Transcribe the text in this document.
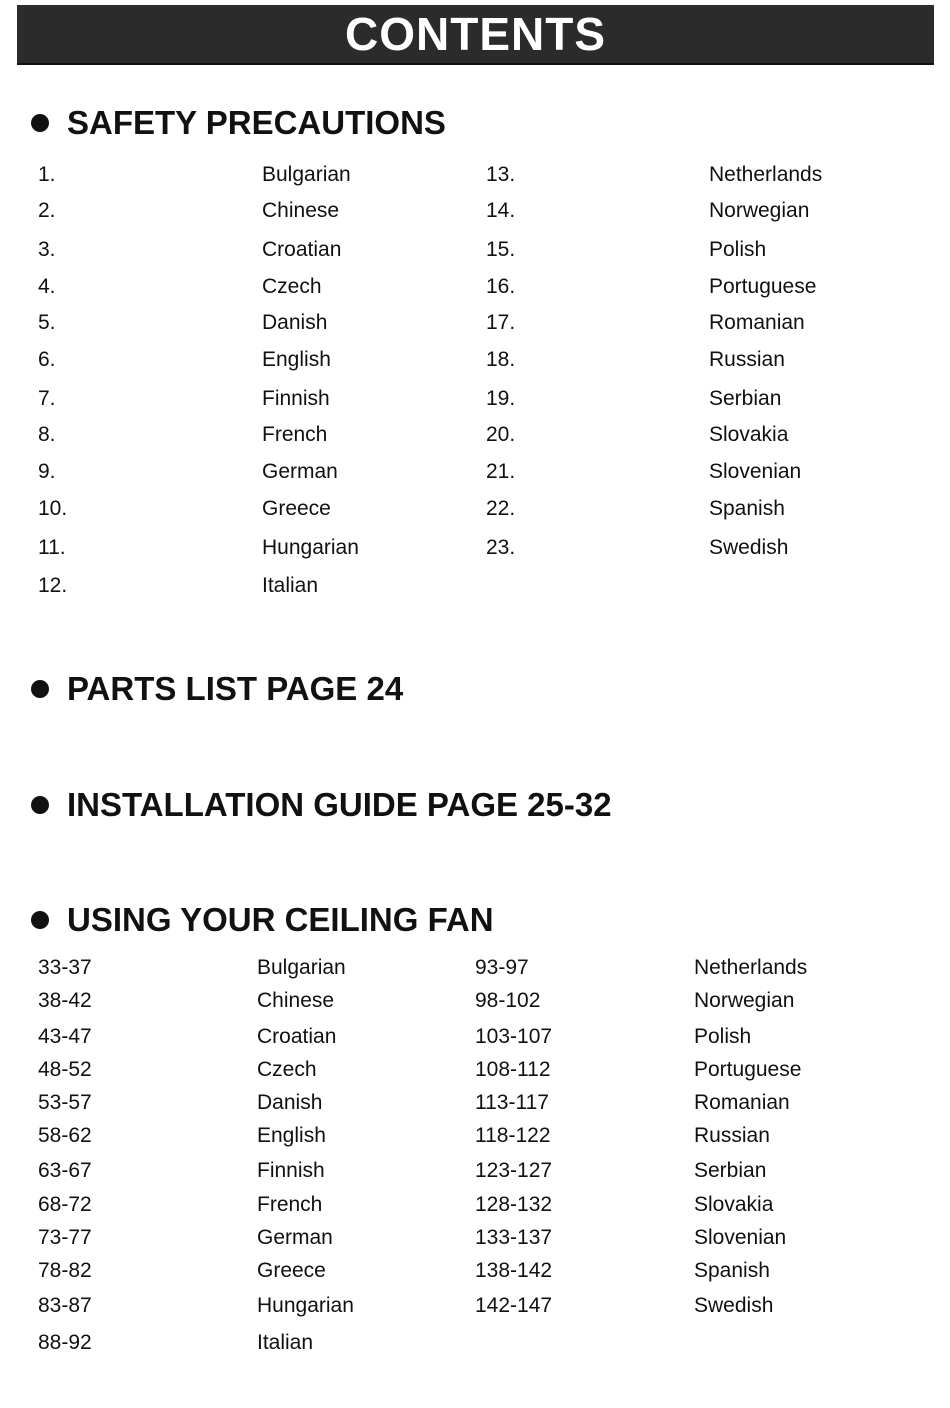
CONTENTS
SAFETY PRECAUTIONS
1.	Bulgarian
2.	Chinese
3.	Croatian
4.	Czech
5.	Danish
6.	English
7.	Finnish
8.	French
9.	German
10.	Greece
11.	Hungarian
12.	Italian
13.	Netherlands
14.	Norwegian
15.	Polish
16.	Portuguese
17.	Romanian
18.	Russian
19.	Serbian
20.	Slovakia
21.	Slovenian
22.	Spanish
23.	Swedish
PARTS LIST PAGE 24
INSTALLATION GUIDE PAGE 25-32
USING YOUR CEILING FAN
33-37	Bulgarian
38-42	Chinese
43-47	Croatian
48-52	Czech
53-57	Danish
58-62	English
63-67	Finnish
68-72	French
73-77	German
78-82	Greece
83-87	Hungarian
88-92	Italian
93-97	Netherlands
98-102	Norwegian
103-107	Polish
108-112	Portuguese
113-117	Romanian
118-122	Russian
123-127	Serbian
128-132	Slovakia
133-137	Slovenian
138-142	Spanish
142-147	Swedish
